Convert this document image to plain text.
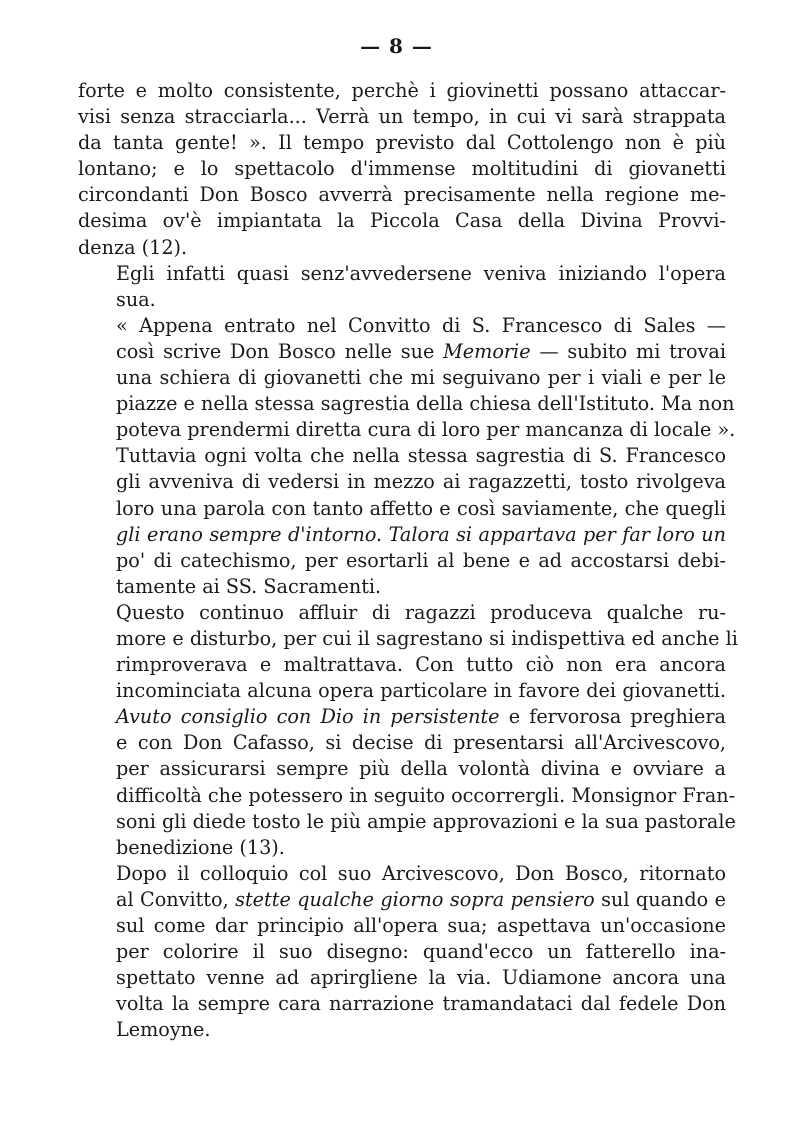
— 8 —

forte e molto consistente, perchè i giovinetti possano attaccar-
visi senza stracciarla... Verrà un tempo, in cui vi sarà strappata
da tanta gente! ». Il tempo previsto dal Cottolengo non è più
lontano; e lo spettacolo d'immense moltitudini di giovanetti
circondanti Don Bosco avverrà precisamente nella regione me-
desima ov'è impiantata la Piccola Casa della Divina Provvi-
denza (12).

Egli infatti quasi senz'avvedersene veniva iniziando l'opera
sua.

« Appena entrato nel Convitto di S. Francesco di Sales —
così scrive Don Bosco nelle sue Memorie — subito mi trovai
una schiera di giovanetti che mi seguivano per i viali e per le
piazze e nella stessa sagrestia della chiesa dell'Istituto. Ma non
poteva prendermi diretta cura di loro per mancanza di locale ».
Tuttavia ogni volta che nella stessa sagrestia di S. Francesco
gli avveniva di vedersi in mezzo ai ragazzetti, tosto rivolgeva
loro una parola con tanto affetto e così saviamente, che quegli
gli erano sempre d'intorno. Talora si appartava per far loro un
po' di catechismo, per esortarli al bene e ad accostarsi debi-
tamente ai SS. Sacramenti.

Questo continuo affluir di ragazzi produceva qualche ru-
more e disturbo, per cui il sagrestano si indispettiva ed anche li
rimproverava e maltrattava. Con tutto ciò non era ancora
incominciata alcuna opera particolare in favore dei giovanetti.
Avuto consiglio con Dio in persistente e fervorosa preghiera
e con Don Cafasso, si decise di presentarsi all'Arcivescovo,
per assicurarsi sempre più della volontà divina e ovviare a
difficoltà che potessero in seguito occorrergli. Monsignor Fran-
soni gli diede tosto le più ampie approvazioni e la sua pastorale
benedizione (13).

Dopo il colloquio col suo Arcivescovo, Don Bosco, ritornato
al Convitto, stette qualche giorno sopra pensiero sul quando e
sul come dar principio all'opera sua; aspettava un'occasione
per colorire il suo disegno: quand'ecco un fatterello ina-
spettato venne ad aprirgliene la via. Udiamone ancora una
volta la sempre cara narrazione tramandataci dal fedele Don
Lemoyne.
